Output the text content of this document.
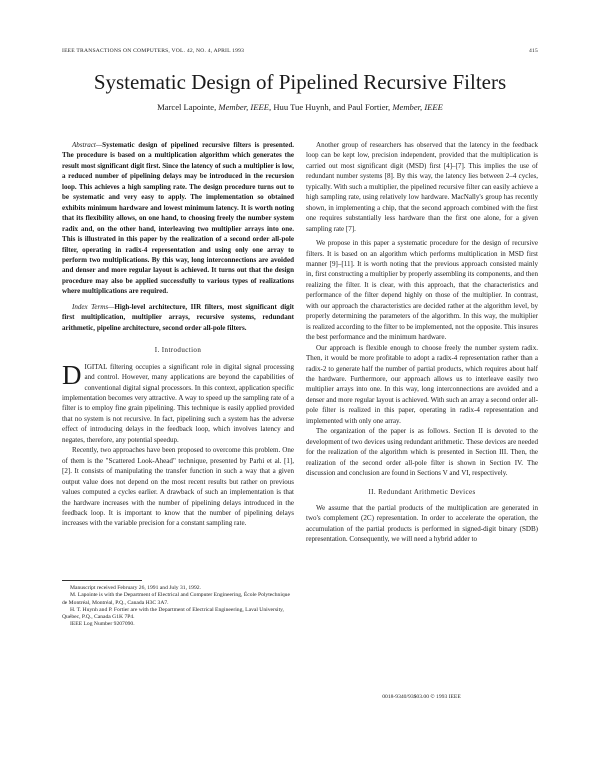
IEEE TRANSACTIONS ON COMPUTERS, VOL. 42, NO. 4, APRIL 1993	415
Systematic Design of Pipelined Recursive Filters
Marcel Lapointe, Member, IEEE, Huu Tue Huynh, and Paul Fortier, Member, IEEE

Abstract—Systematic design of pipelined recursive filters is presented. The procedure is based on a multiplication algorithm which generates the result most significant digit first. Since the latency of such a multiplier is low, a reduced number of pipelining delays may be introduced in the recursion loop. This achieves a high sampling rate. The design procedure turns out to be systematic and very easy to apply. The implementation so obtained exhibits minimum hardware and lowest minimum latency. It is worth noting that its flexibility allows, on one hand, to choosing freely the number system radix and, on the other hand, interleaving two multiplier arrays into one. This is illustrated in this paper by the realization of a second order all-pole filter, operating in radix-4 representation and using only one array to perform two multiplications. By this way, long interconnections are avoided and denser and more regular layout is achieved. It turns out that the design procedure may also be applied successfully to various types of realizations where multiplications are required.

Index Terms—High-level architecture, IIR filters, most significant digit first multiplication, multiplier arrays, recursive systems, redundant arithmetic, pipeline architecture, second order all-pole filters.

I. Introduction

DIGITAL filtering occupies a significant role in digital signal processing and control. However, many applications are beyond the capabilities of conventional digital signal processors. In this context, application specific implementation becomes very attractive. A way to speed up the sampling rate of a filter is to employ fine grain pipelining. This technique is easily applied provided that no system is not recursive. In fact, pipelining such a system has the adverse effect of introducing delays in the feedback loop, which involves latency and negates, therefore, any potential speedup.

Recently, two approaches have been proposed to overcome this problem. One of them is the "Scattered Look-Ahead" technique, presented by Parhi et al. [1], [2]. It consists of manipulating the transfer function in such a way that a given output value does not depend on the most recent results but rather on previous values computed a cycles earlier. A drawback of such an implementation is that the hardware increases with the number of pipelining delays introduced in the feedback loop. It is important to know that the number of pipelining delays increases with the variable precision for a constant sampling rate.

Manuscript received February 26, 1991 and July 31, 1992.

M. Lapointe is with the Department of Electrical and Computer Engineering, École Polytechnique de Montréal, Montréal, P.Q., Canada H3C 3A7.

H. T. Huynh and P. Fortier are with the Department of Electrical Engineering, Laval University, Québec, P.Q., Canada G1K 7P4.

IEEE Log Number 9207090.

Another group of researchers has observed that the latency in the feedback loop can be kept low, precision independent, provided that the multiplication is carried out most significant digit (MSD) first [4]–[7]. This implies the use of redundant number systems [8]. By this way, the latency lies between 2–4 cycles, typically. With such a multiplier, the pipelined recursive filter can easily achieve a high sampling rate, using relatively low hardware. MacNally's group has recently shown, in implementing a chip, that the second approach combined with the first one requires substantially less hardware than the first one alone, for a given sampling rate [7].

We propose in this paper a systematic procedure for the design of recursive filters. It is based on an algorithm which performs multiplication in MSD first manner [9]–[11]. It is worth noting that the previous approach consisted mainly in, first constructing a multiplier by properly assembling its components, and then realizing the filter. It is clear, with this approach, that the characteristics and performance of the filter depend highly on those of the multiplier. In contrast, with our approach the characteristics are decided rather at the algorithm level, by properly determining the parameters of the algorithm. In this way, the multiplier is realized according to the filter to be implemented, not the opposite. This insures the best performance and the minimum hardware.

Our approach is flexible enough to choose freely the number system radix. Then, it would be more profitable to adopt a radix-4 representation rather than a radix-2 to generate half the number of partial products, which requires about half the hardware. Furthermore, our approach allows us to interleave easily two multiplier arrays into one. In this way, long interconnections are avoided and a denser and more regular layout is achieved. With such an array a second order all-pole filter is realized in this paper, operating in radix-4 representation and implemented with only one array.

The organization of the paper is as follows. Section II is devoted to the development of two devices using redundant arithmetic. These devices are needed for the realization of the algorithm which is presented in Section III. Then, the realization of the second order all-pole filter is shown in Section IV. The discussion and conclusion are found in Sections V and VI, respectively.

II. Redundant Arithmetic Devices

We assume that the partial products of the multiplication are generated in two's complement (2C) representation. In order to accelerate the operation, the accumulation of the partial products is performed in signed-digit binary (SDB) representation. Consequently, we will need a hybrid adder to

0018-9340/93$03.00 © 1993 IEEE
